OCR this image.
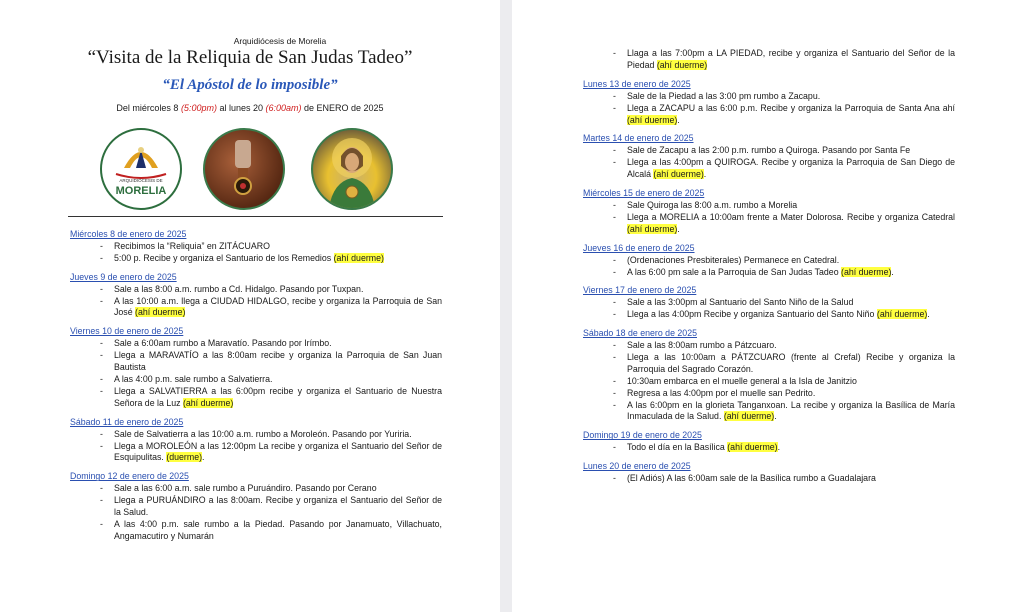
Arquidiócesis de Morelia
“Visita de la Reliquia de San Judas Tadeo”
“El Apóstol de lo imposible”
Del miércoles 8 (5:00pm) al lunes 20 (6:00am) de ENERO de 2025
ARQUIDIÓCESIS DE
MORELIA
Miércoles 8 de enero de 2025
- Recibimos la “Reliquia” en ZITÁCUARO
- 5:00 p. Recibe y organiza el Santuario de los Remedios (ahí duerme)
Jueves 9 de enero de 2025
- Sale a las 8:00 a.m. rumbo a Cd. Hidalgo. Pasando por Tuxpan.
- A las 10:00 a.m. llega a CIUDAD HIDALGO, recibe y organiza la Parroquia de San José (ahí duerme)
Viernes 10 de enero de 2025
- Sale a 6:00am rumbo a Maravatío. Pasando por Irímbo.
- Llega a MARAVATÍO a las 8:00am recibe y organiza la Parroquia de San Juan Bautista
- A las 4:00 p.m. sale rumbo a Salvatierra.
- Llega a SALVATIERRA a las 6:00pm recibe y organiza el Santuario de Nuestra Señora de la Luz (ahí duerme)
Sábado 11 de enero de 2025
- Sale de Salvatierra a las 10:00 a.m. rumbo a Moroleón. Pasando por Yuriria.
- Llega a MOROLEÓN a las 12:00pm La recibe y organiza el Santuario del Señor de Esquipulitas. (duerme).
Domingo 12 de enero de 2025
- Sale a las 6:00 a.m. sale rumbo a Puruándiro. Pasando por Cerano
- Llega a PURUÁNDIRO a las 8:00am. Recibe y organiza el Santuario del Señor de la Salud.
- A las 4:00 p.m. sale rumbo a la Piedad. Pasando por Janamuato, Villachuato, Angamacutiro y Numarán
- Llaga a las 7:00pm a LA PIEDAD, recibe y organiza el Santuario del Señor de la Piedad (ahí duerme)
Lunes 13 de enero de 2025
- Sale de la Piedad a las 3:00 pm rumbo a Zacapu.
- Llega a ZACAPU a las 6:00 p.m. Recibe y organiza la Parroquia de Santa Ana ahí (ahí duerme).
Martes 14 de enero de 2025
- Sale de Zacapu a las 2:00 p.m. rumbo a Quiroga. Pasando por Santa Fe
- Llega a las 4:00pm a QUIROGA. Recibe y organiza la Parroquia de San Diego de Alcalá (ahí duerme).
Miércoles 15 de enero de 2025
- Sale Quiroga las 8:00 a.m. rumbo a Morelia
- Llega a MORELIA a 10:00am frente a Mater Dolorosa. Recibe y organiza Catedral (ahí duerme).
Jueves 16 de enero de 2025
- (Ordenaciones Presbiterales) Permanece en Catedral.
- A las 6:00 pm sale a la Parroquia de San Judas Tadeo (ahí duerme).
Viernes 17 de enero de 2025
- Sale a las 3:00pm al Santuario del Santo Niño de la Salud
- Llega a las 4:00pm Recibe y organiza Santuario del Santo Niño (ahí duerme).
Sábado 18 de enero de 2025
- Sale a las 8:00am rumbo a Pátzcuaro.
- Llega a las 10:00am a PÁTZCUARO (frente al Crefal) Recibe y organiza la Parroquia del Sagrado Corazón.
- 10:30am embarca en el muelle general a la Isla de Janitzio
- Regresa a las 4:00pm por el muelle san Pedrito.
- A las 6:00pm en la glorieta Tanganxoan. La recibe y organiza la Basílica de María Inmaculada de la Salud. (ahí duerme).
Domingo 19 de enero de 2025
- Todo el día en la Basílica (ahí duerme).
Lunes 20 de enero de 2025
- (El Adiós) A las 6:00am sale de la Basílica rumbo a Guadalajara
